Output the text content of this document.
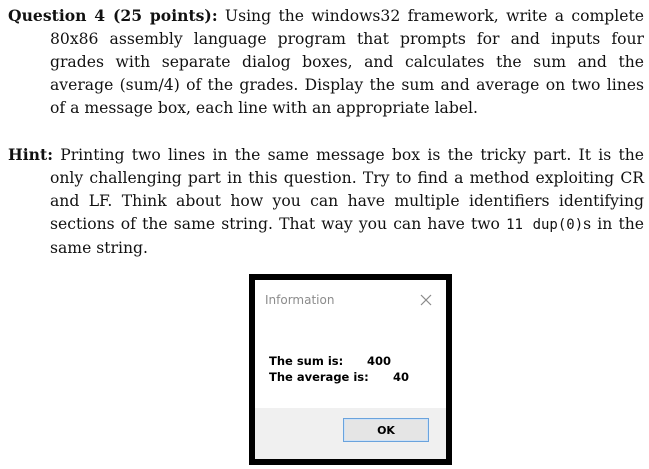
Question 4 (25 points): Using the windows32 framework, write a complete 80x86 assembly language program that prompts for and inputs four grades with separate dialog boxes, and calculates the sum and the average (sum/4) of the grades. Display the sum and average on two lines of a message box, each line with an appropriate label.

Hint: Printing two lines in the same message box is the tricky part. It is the only challenging part in this question. Try to find a method exploiting CR and LF. Think about how you can have multiple identifiers identifying sections of the same string. That way you can have two 11 dup(0)s in the same string.

Information
The sum is: 400
The average is: 40
OK
